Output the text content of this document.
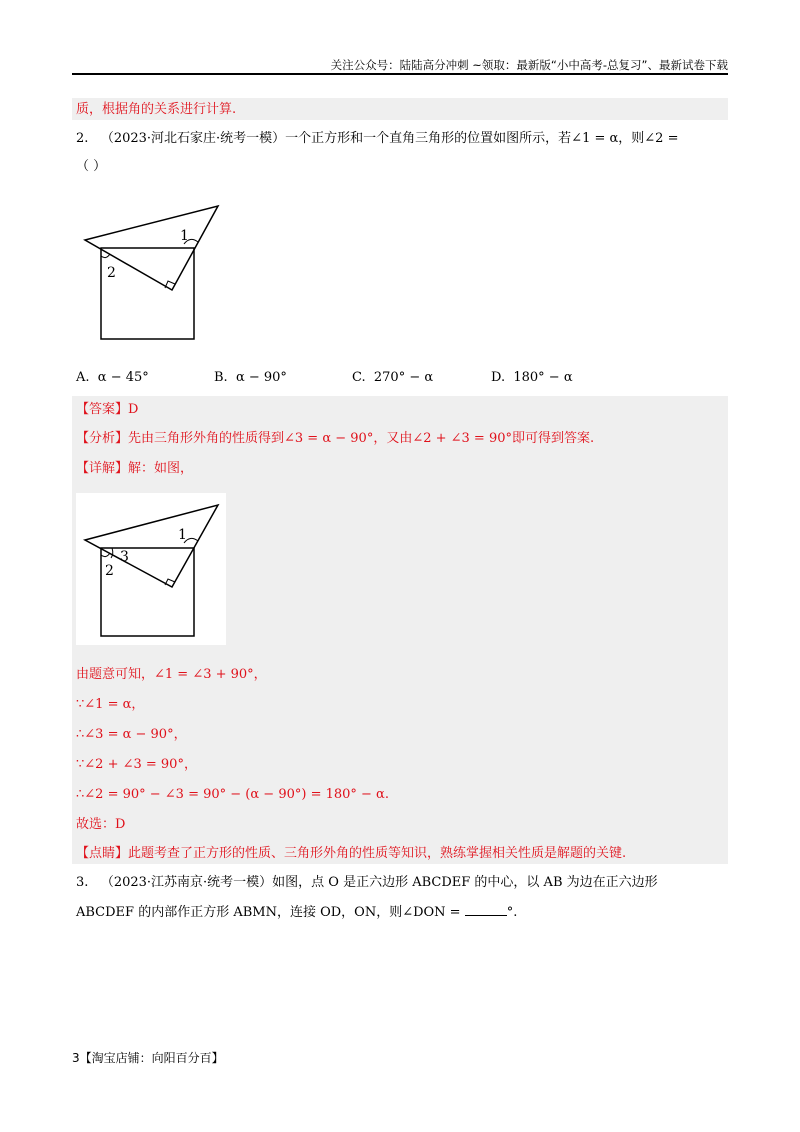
关注公众号：陆陆高分冲刺 ~领取：最新版“小中高考-总复习”、最新试卷下载
质，根据角的关系进行计算.
2. （2023·河北石家庄·统考一模）一个正方形和一个直角三角形的位置如图所示，若∠1 = α，则∠2 =
（ ）
1
2
A. α − 45°	B. α − 90°	C. 270° − α	D. 180° − α
【答案】D
【分析】先由三角形外角的性质得到∠3 = α − 90°，又由∠2 + ∠3 = 90°即可得到答案.
【详解】解：如图，
1
2
3
由题意可知，∠1 = ∠3 + 90°，
∵∠1 = α，
∴∠3 = α − 90°，
∵∠2 + ∠3 = 90°，
∴∠2 = 90° − ∠3 = 90° − (α − 90°) = 180° − α.
故选：D
【点睛】此题考查了正方形的性质、三角形外角的性质等知识，熟练掌握相关性质是解题的关键.
3. （2023·江苏南京·统考一模）如图，点 O 是正六边形 ABCDEF 的中心，以 AB 为边在正六边形
ABCDEF 的内部作正方形 ABMN，连接 OD，ON，则∠DON =	°.
3【淘宝店铺：向阳百分百】
